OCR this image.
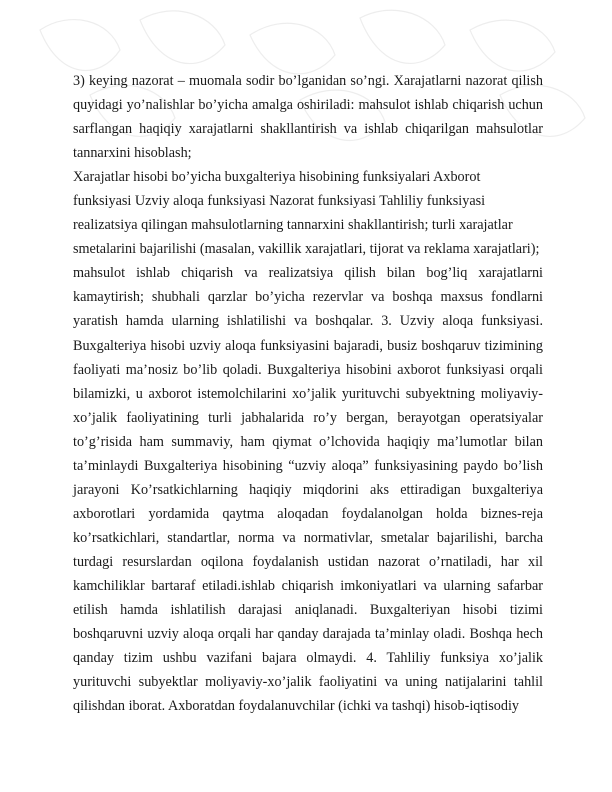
3) keying nazorat – muomala sodir bo’lganidan so’ngi. Xarajatlarni nazorat qilish quyidagi yo’nalishlar bo’yicha amalga oshiriladi: mahsulot ishlab chiqarish uchun sarflangan haqiqiy xarajatlarni shakllantirish va ishlab chiqarilgan mahsulotlar tannarxini hisoblash;

Xarajatlar hisobi bo’yicha buxgalteriya hisobining funksiyalari Axborot

funksiyasi Uzviy aloqa funksiyasi Nazorat funksiyasi Tahliliy funksiyasi

realizatsiya qilingan mahsulotlarning tannarxini shakllantirish; turli xarajatlar

smetalarini bajarilishi (masalan, vakillik xarajatlari, tijorat va reklama xarajatlari);

mahsulot ishlab chiqarish va realizatsiya qilish bilan bog’liq xarajatlarni kamaytirish; shubhali qarzlar bo’yicha rezervlar va boshqa maxsus fondlarni yaratish hamda ularning ishlatilishi va boshqalar. 3. Uzviy aloqa funksiyasi. Buxgalteriya hisobi uzviy aloqa funksiyasini bajaradi, busiz boshqaruv tizimining faoliyati ma’nosiz bo’lib qoladi. Buxgalteriya hisobini axborot funksiyasi orqali bilamizki, u axborot istemolchilarini xo’jalik yurituvchi subyektning moliyaviy-xo’jalik faoliyatining turli jabhalarida ro’y bergan, berayotgan operatsiyalar to’g’risida ham summaviy, ham qiymat o’lchovida haqiqiy ma’lumotlar bilan ta’minlaydi Buxgalteriya hisobining “uzviy aloqa” funksiyasining paydo bo’lish jarayoni Ko’rsatkichlarning haqiqiy miqdorini aks ettiradigan buxgalteriya axborotlari yordamida qaytma aloqadan foydalanolgan holda biznes-reja ko’rsatkichlari, standartlar, norma va normativlar, smetalar bajarilishi, barcha turdagi resurslardan oqilona foydalanish ustidan nazorat o’rnatiladi, har xil kamchiliklar bartaraf etiladi.ishlab chiqarish imkoniyatlari va ularning safarbar etilish hamda ishlatilish darajasi aniqlanadi. Buxgalteriyan hisobi tizimi boshqaruvni uzviy aloqa orqali har qanday darajada ta’minlay oladi. Boshqa hech qanday tizim ushbu vazifani bajara olmaydi. 4. Tahliliy funksiya xo’jalik yurituvchi subyektlar moliyaviy-xo’jalik faoliyatini va uning natijalarini tahlil qilishdan iborat. Axboratdan foydalanuvchilar (ichki va tashqi) hisob-iqtisodiy
